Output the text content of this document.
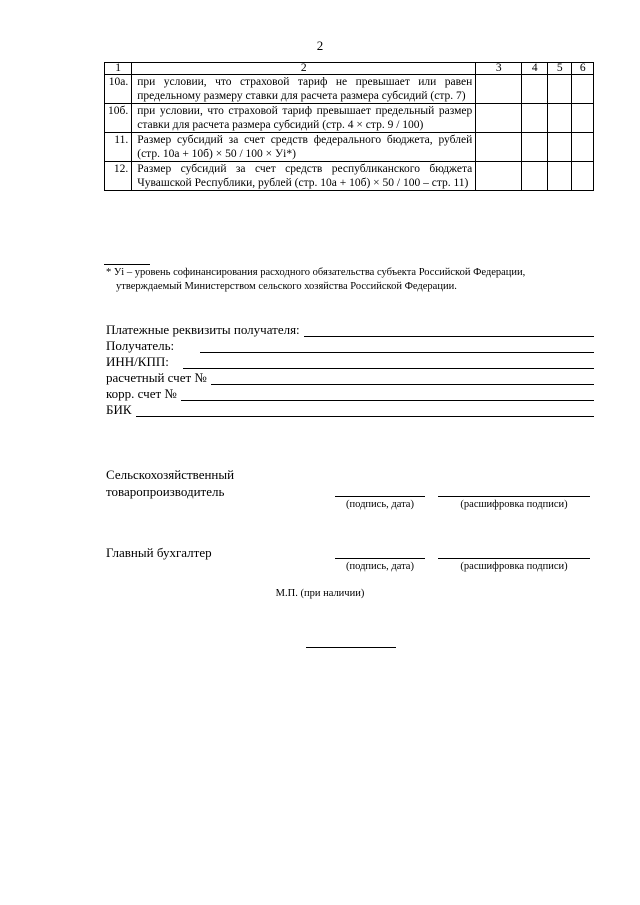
2
1	2	3	4	5	6
10а.	при условии, что страховой тариф не превышает или равен предельному размеру ставки для расчета размера субсидий (стр. 7)				
10б.	при условии, что страховой тариф превышает предельный размер ставки для расчета размера субсидий (стр. 4 × стр. 9 / 100)				
11.	Размер субсидий за счет средств федерального бюджета, рублей (стр. 10а + 10б) × 50 / 100 × Уi*)				
12.	Размер субсидий за счет средств республиканского бюджета Чувашской Республики, рублей (стр. 10а + 10б) × 50 / 100 – стр. 11)				
* Уi – уровень софинансирования расходного обязательства субъекта Российской Федерации,
утверждаемый Министерством сельского хозяйства Российской Федерации.
Платежные реквизиты получателя:
Получатель:
ИНН/КПП:
расчетный счет №
корр. счет №
БИК
Сельскохозяйственный
товаропроизводитель
(подпись, дата)	(расшифровка подписи)
Главный бухгалтер
(подпись, дата)	(расшифровка подписи)
М.П. (при наличии)
